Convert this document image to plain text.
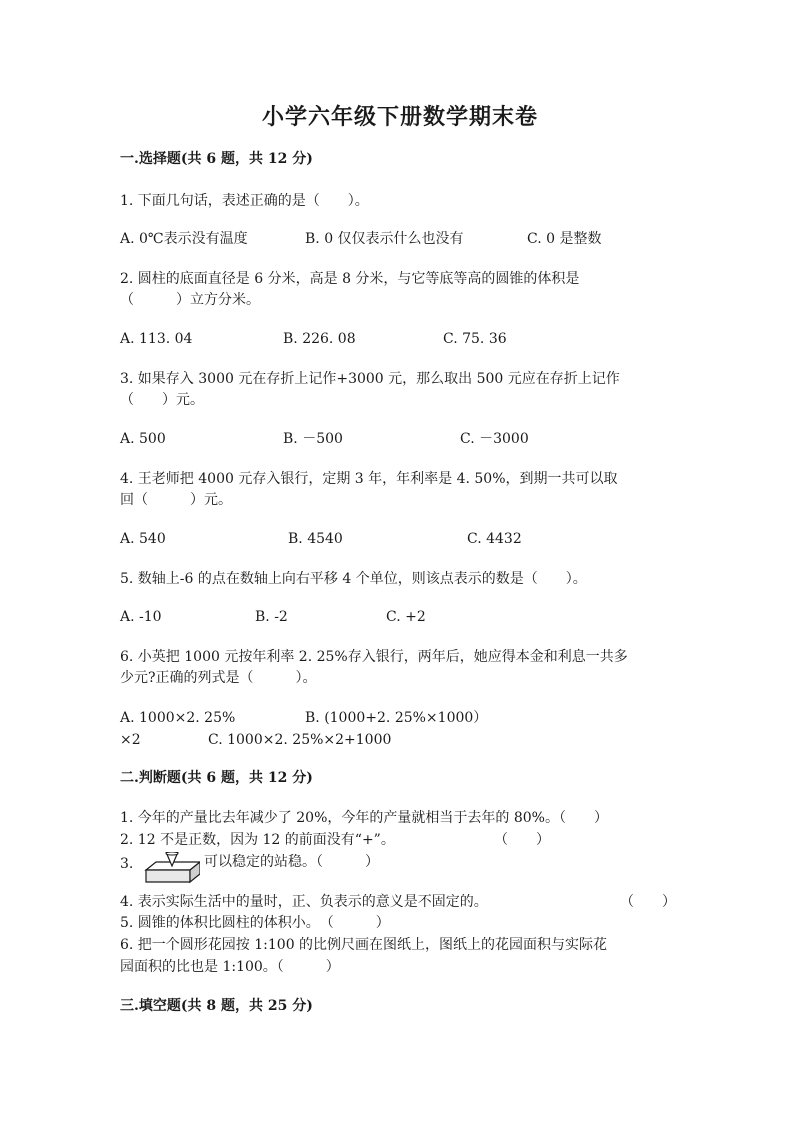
小学六年级下册数学期末卷
一.选择题(共 6 题，共 12 分)
1. 下面几句话，表述正确的是（　　）。
A. 0℃表示没有温度	B. 0 仅仅表示什么也没有	C. 0 是整数
2. 圆柱的底面直径是 6 分米，高是 8 分米，与它等底等高的圆锥的体积是
（　　　）立方分米。
A. 113. 04	B. 226. 08	C. 75. 36
3. 如果存入 3000 元在存折上记作+3000 元，那么取出 500 元应在存折上记作
（　　）元。
A. 500	B. －500	C. －3000
4. 王老师把 4000 元存入银行，定期 3 年，年利率是 4. 50%，到期一共可以取
回（　　　）元。
A. 540	B. 4540	C. 4432
5. 数轴上-6 的点在数轴上向右平移 4 个单位，则该点表示的数是（　　）。
A. -10	B. -2	C. +2
6. 小英把 1000 元按年利率 2. 25%存入银行，两年后，她应得本金和利息一共多
少元?正确的列式是（　　　）。
A. 1000×2. 25%	B. (1000+2. 25%×1000）
×2	C. 1000×2. 25%×2+1000
二.判断题(共 6 题，共 12 分)
1. 今年的产量比去年减少了 20%，今年的产量就相当于去年的 80%。（　　）
2. 12 不是正数，因为 12 的前面没有“+”。	（　　）
3.	可以稳定的站稳。（　　　）
4. 表示实际生活中的量时，正、负表示的意义是不固定的。	（　　）
5. 圆锥的体积比圆柱的体积小。　（　　　）
6. 把一个圆形花园按 1:100 的比例尺画在图纸上，图纸上的花园面积与实际花
园面积的比也是 1:100。（　　　）
三.填空题(共 8 题，共 25 分)
